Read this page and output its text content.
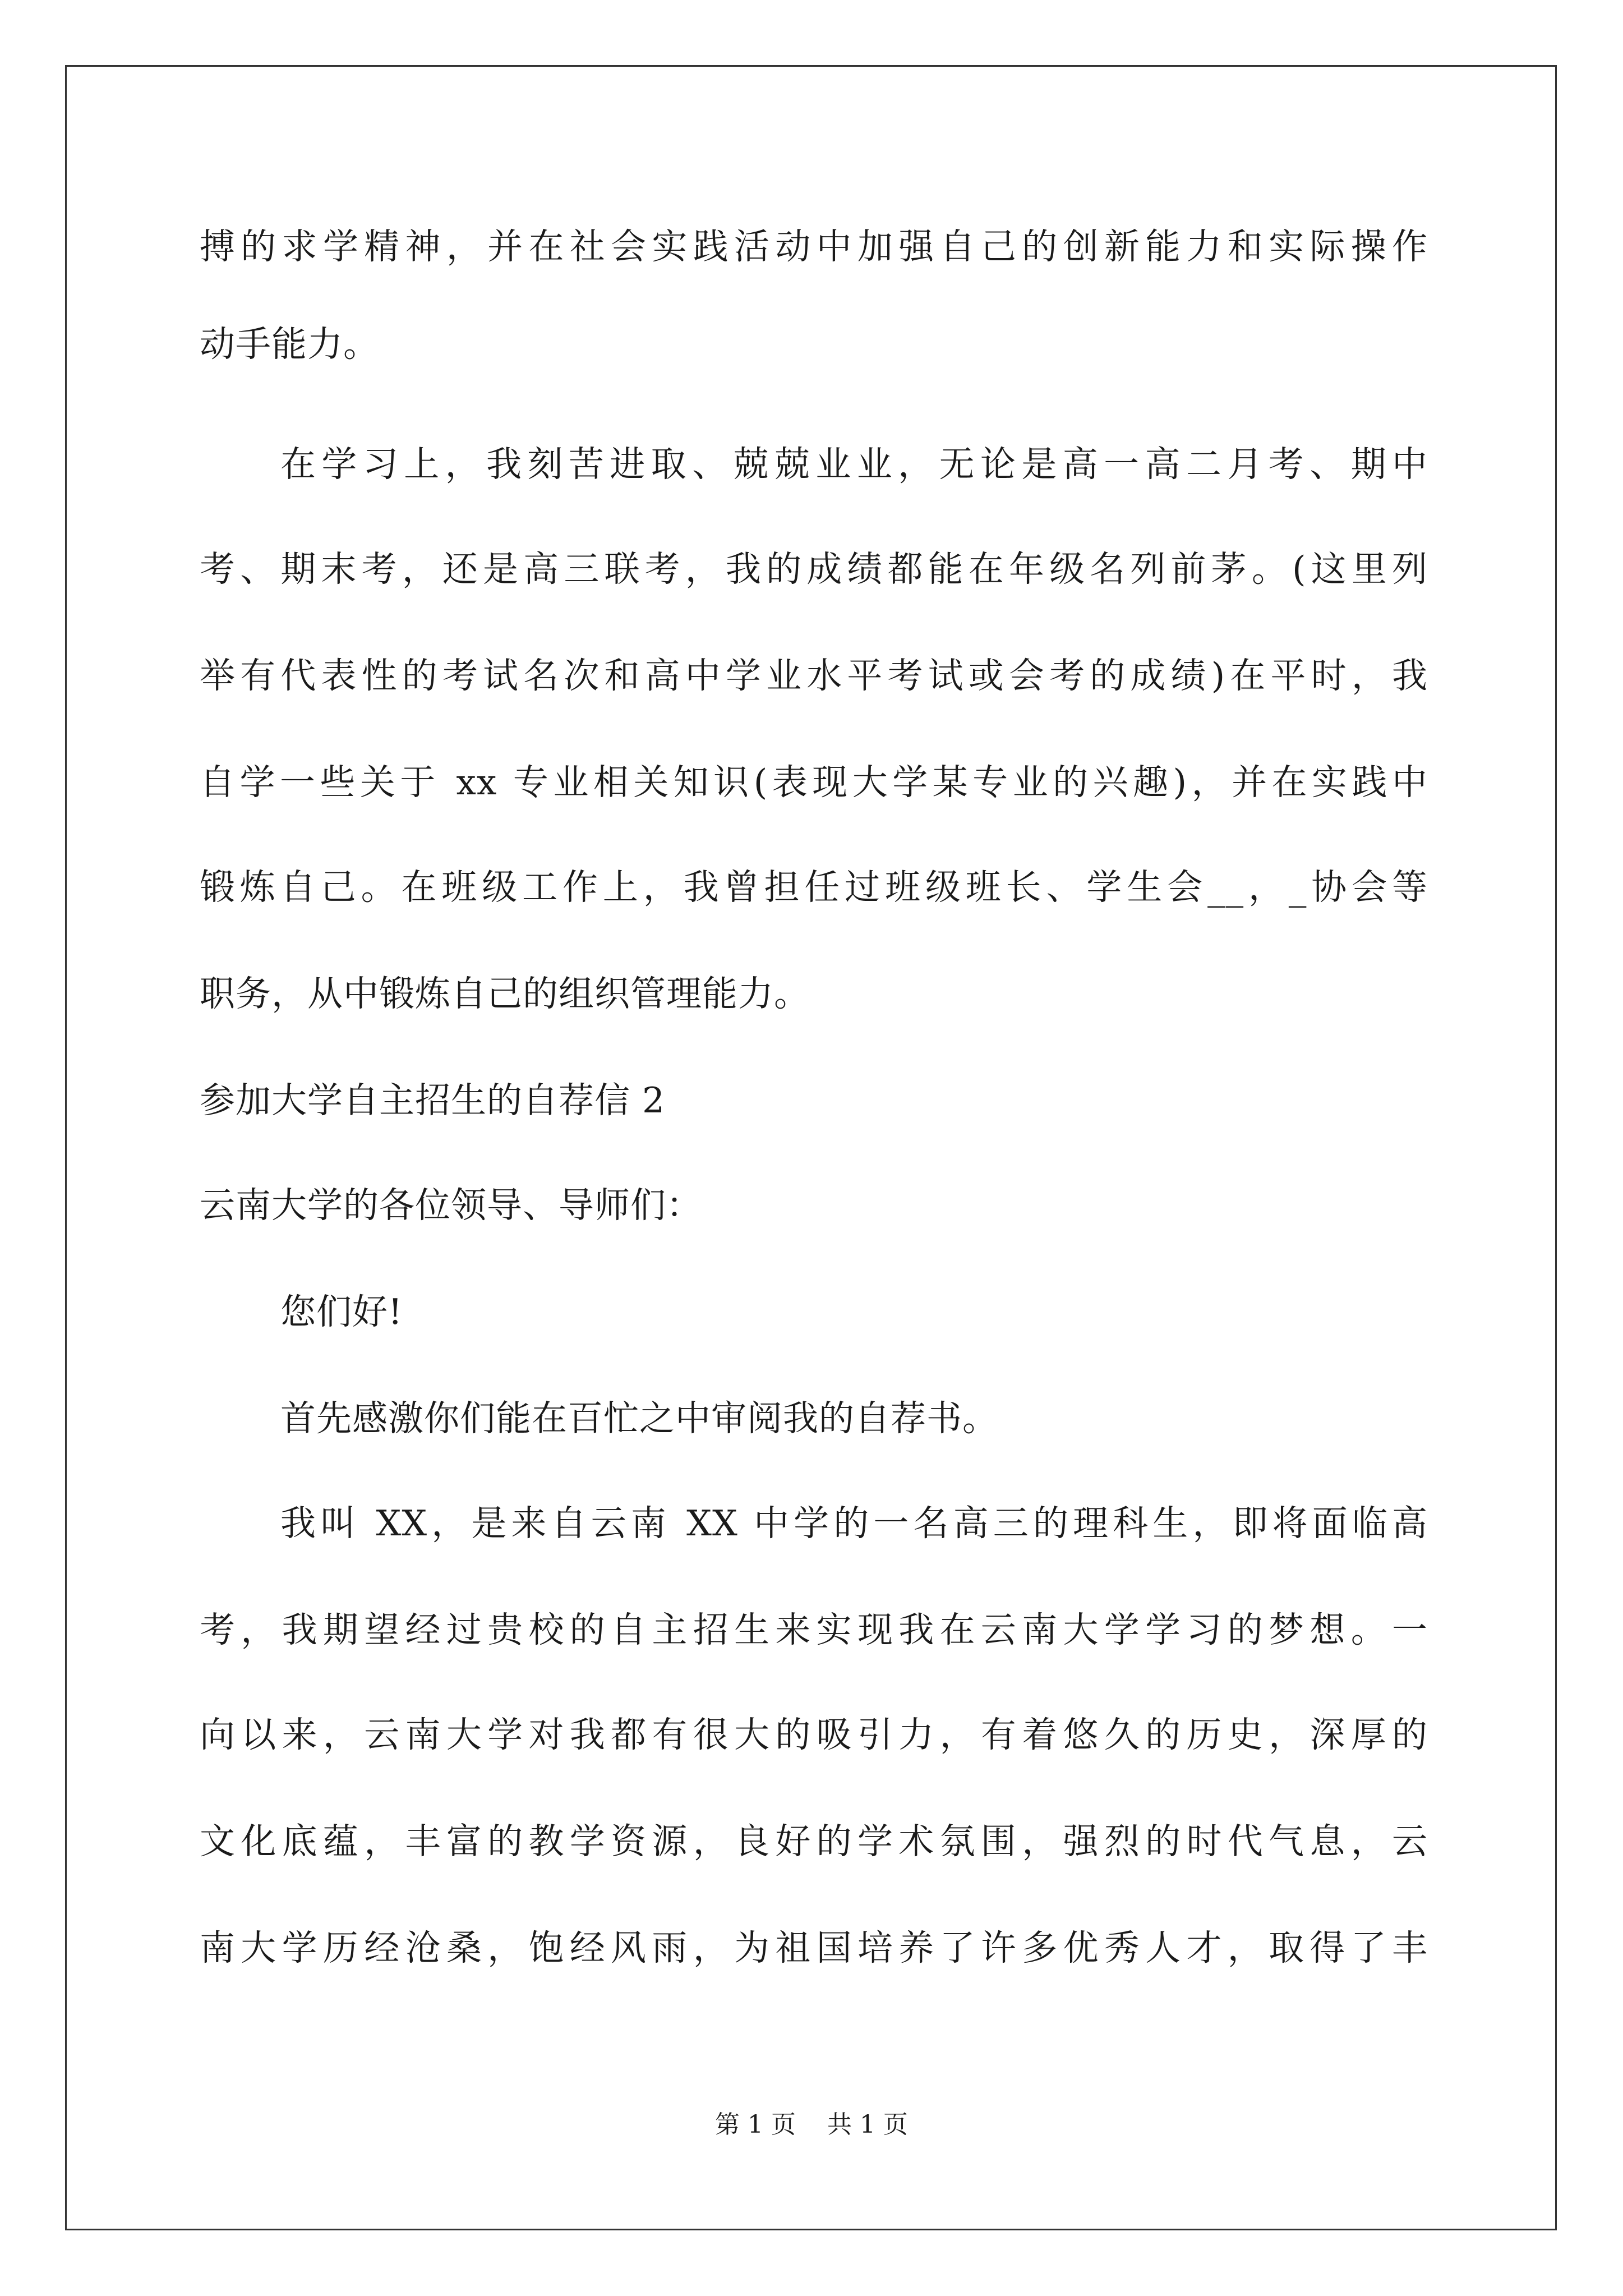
搏的求学精神，并在社会实践活动中加强自己的创新能力和实际操作
动手能力。
在学习上，我刻苦进取、兢兢业业，无论是高一高二月考、期中
考、期末考，还是高三联考，我的成绩都能在年级名列前茅。(这里列
举有代表性的考试名次和高中学业水平考试或会考的成绩)在平时，我
自学一些关于 xx 专业相关知识(表现大学某专业的兴趣)，并在实践中
锻炼自己。在班级工作上，我曾担任过班级班长、学生会__，_协会等
职务，从中锻炼自己的组织管理能力。
参加大学自主招生的自荐信 2
云南大学的各位领导、导师们：
您们好!
首先感激你们能在百忙之中审阅我的自荐书。
我叫 XX，是来自云南 XX 中学的一名高三的理科生，即将面临高
考，我期望经过贵校的自主招生来实现我在云南大学学习的梦想。一
向以来，云南大学对我都有很大的吸引力，有着悠久的历史，深厚的
文化底蕴，丰富的教学资源，良好的学术氛围，强烈的时代气息，云
南大学历经沧桑，饱经风雨，为祖国培养了许多优秀人才，取得了丰
第 1 页    共 1 页
